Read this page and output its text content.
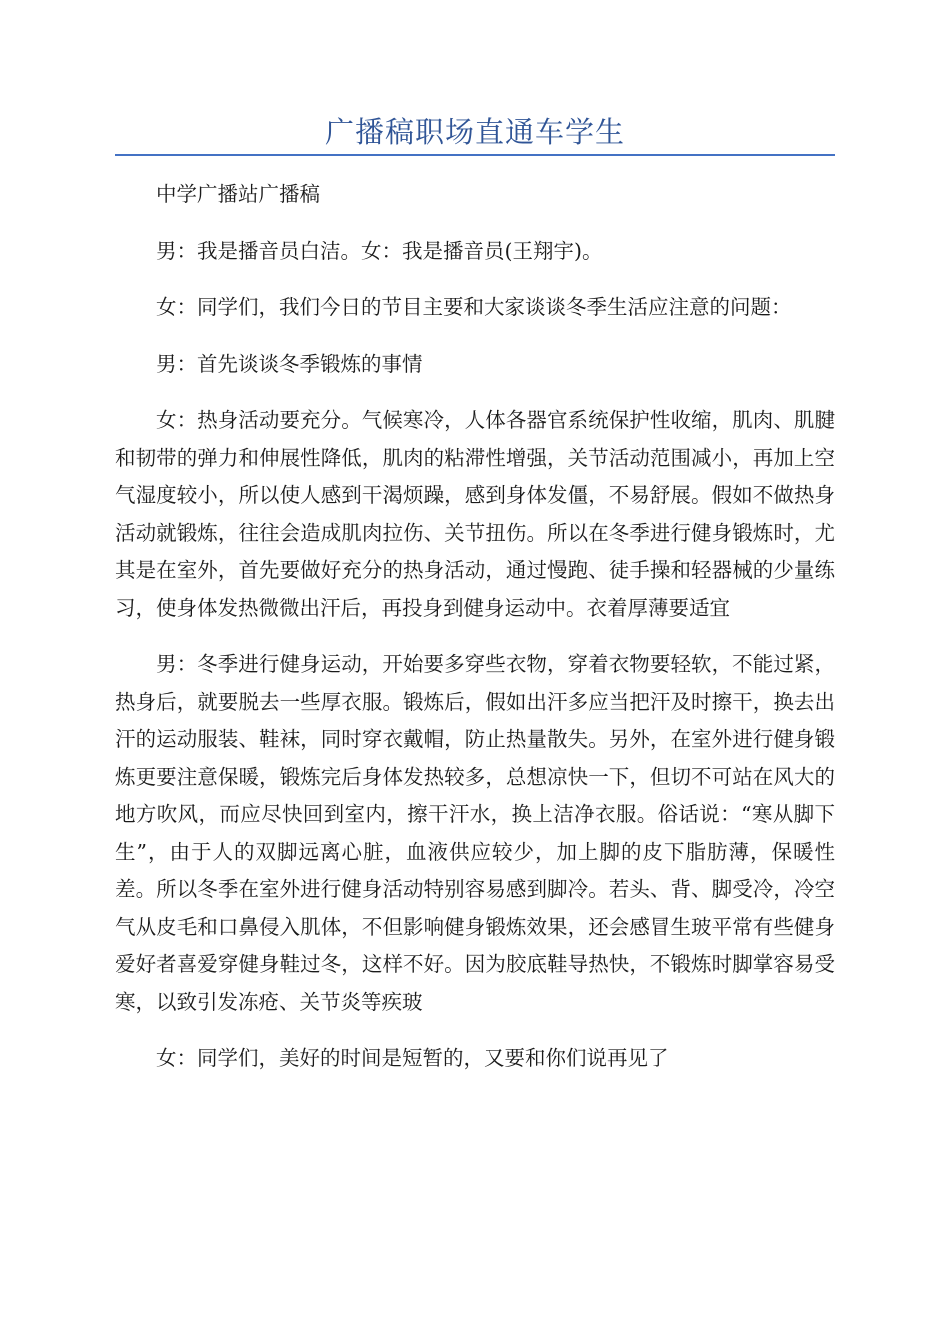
广播稿职场直通车学生

中学广播站广播稿

男：我是播音员白洁。女：我是播音员(王翔宇)。

女：同学们，我们今日的节目主要和大家谈谈冬季生活应注意的问题：

男：首先谈谈冬季锻炼的事情

女：热身活动要充分。气候寒冷，人体各器官系统保护性收缩，肌肉、肌腱和韧带的弹力和伸展性降低，肌肉的粘滞性增强，关节活动范围减小，再加上空气湿度较小，所以使人感到干渴烦躁，感到身体发僵，不易舒展。假如不做热身活动就锻炼，往往会造成肌肉拉伤、关节扭伤。所以在冬季进行健身锻炼时，尤其是在室外，首先要做好充分的热身活动，通过慢跑、徒手操和轻器械的少量练习，使身体发热微微出汗后，再投身到健身运动中。衣着厚薄要适宜

男：冬季进行健身运动，开始要多穿些衣物，穿着衣物要轻软，不能过紧，热身后，就要脱去一些厚衣服。锻炼后，假如出汗多应当把汗及时擦干，换去出汗的运动服装、鞋袜，同时穿衣戴帽，防止热量散失。另外，在室外进行健身锻炼更要注意保暖，锻炼完后身体发热较多，总想凉快一下，但切不可站在风大的地方吹风，而应尽快回到室内，擦干汗水，换上洁净衣服。俗话说：“寒从脚下生”，由于人的双脚远离心脏，血液供应较少，加上脚的皮下脂肪薄，保暖性差。所以冬季在室外进行健身活动特别容易感到脚冷。若头、背、脚受冷，冷空气从皮毛和口鼻侵入肌体，不但影响健身锻炼效果，还会感冒生玻平常有些健身爱好者喜爱穿健身鞋过冬，这样不好。因为胶底鞋导热快，不锻炼时脚掌容易受寒，以致引发冻疮、关节炎等疾玻

女：同学们，美好的时间是短暂的，又要和你们说再见了
